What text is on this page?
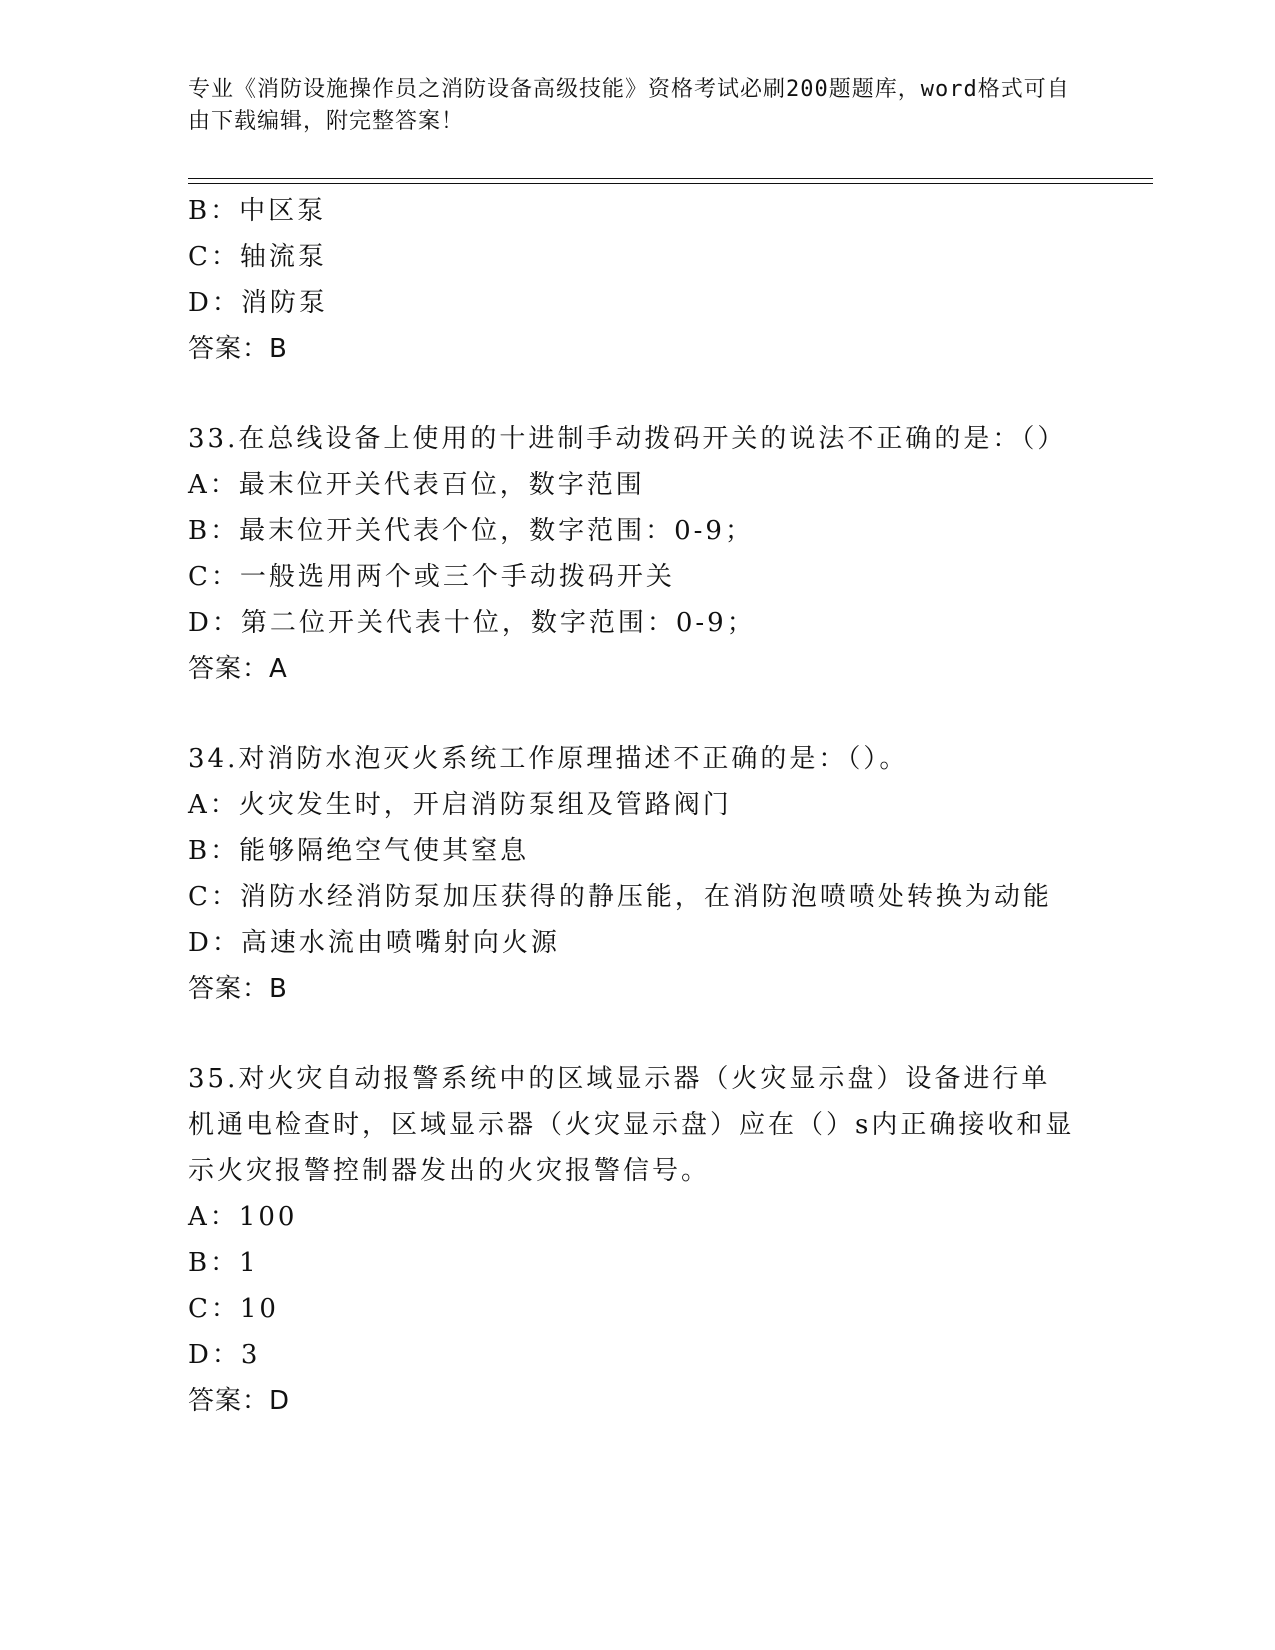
专业《消防设施操作员之消防设备高级技能》资格考试必刷200题题库，word格式可自由下载编辑，附完整答案！
B：中区泵
C：轴流泵
D：消防泵
答案：B
33.在总线设备上使用的十进制手动拨码开关的说法不正确的是：（）
A：最末位开关代表百位，数字范围
B：最末位开关代表个位，数字范围：0-9；
C：一般选用两个或三个手动拨码开关
D：第二位开关代表十位，数字范围：0-9；
答案：A
34.对消防水泡灭火系统工作原理描述不正确的是：（）。
A：火灾发生时，开启消防泵组及管路阀门
B：能够隔绝空气使其窒息
C：消防水经消防泵加压获得的静压能，在消防泡喷喷处转换为动能
D：高速水流由喷嘴射向火源
答案：B
35.对火灾自动报警系统中的区域显示器（火灾显示盘）设备进行单机通电检查时，区域显示器（火灾显示盘）应在（）s内正确接收和显示火灾报警控制器发出的火灾报警信号。
A：100
B：1
C：10
D：3
答案：D
